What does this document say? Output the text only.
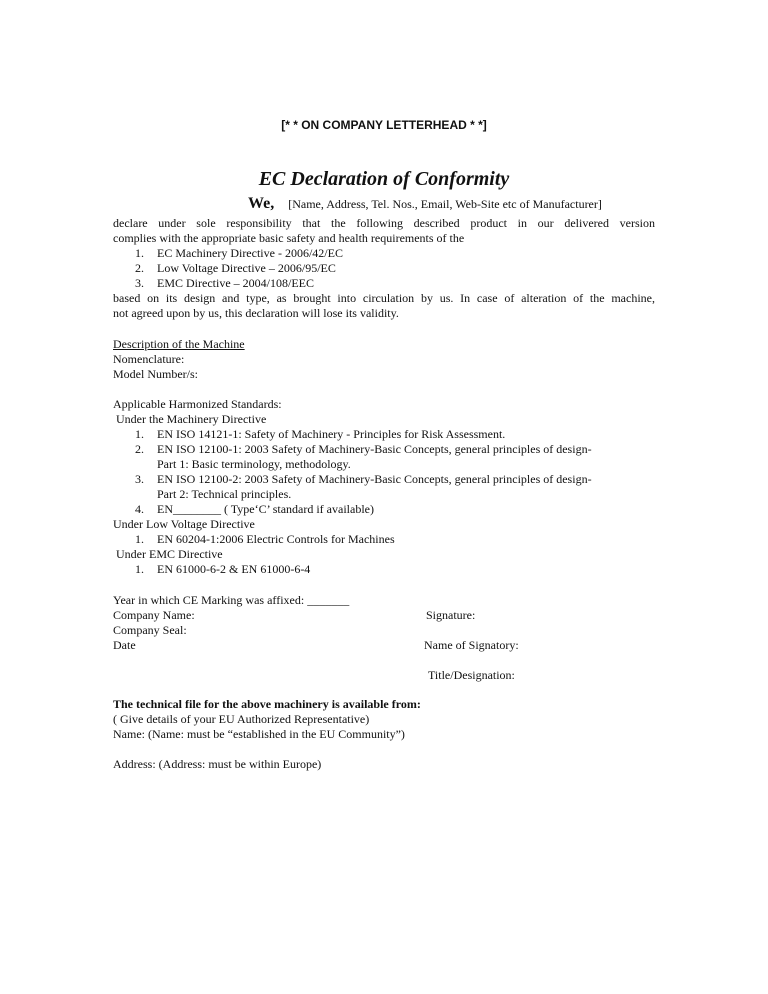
[* * ON COMPANY LETTERHEAD * *]
EC Declaration of Conformity
We, [Name, Address, Tel. Nos., Email, Web-Site etc of Manufacturer]
declare under sole responsibility that the following described product in our delivered version
complies with the appropriate basic safety and health requirements of the
1. EC Machinery Directive - 2006/42/EC
2. Low Voltage Directive – 2006/95/EC
3. EMC Directive – 2004/108/EEC
based on its design and type, as brought into circulation by us. In case of alteration of the machine,
not agreed upon by us, this declaration will lose its validity.
Description of the Machine
Nomenclature:
Model Number/s:
Applicable Harmonized Standards:
Under the Machinery Directive
1. EN ISO 14121-1: Safety of Machinery - Principles for Risk Assessment.
2. EN ISO 12100-1: 2003 Safety of Machinery-Basic Concepts, general principles of design-
Part 1: Basic terminology, methodology.
3. EN ISO 12100-2: 2003 Safety of Machinery-Basic Concepts, general principles of design-
Part 2: Technical principles.
4. EN________ ( Type‘C’ standard if available)
Under Low Voltage Directive
1. EN 60204-1:2006 Electric Controls for Machines
Under EMC Directive
1. EN 61000-6-2 & EN 61000-6-4
Year in which CE Marking was affixed: _______
Company Name:
Company Seal:
Date
Signature:
Name of Signatory:
Title/Designation:
The technical file for the above machinery is available from:
( Give details of your EU Authorized Representative)
Name: (Name: must be “established in the EU Community”)
Address: (Address: must be within Europe)
